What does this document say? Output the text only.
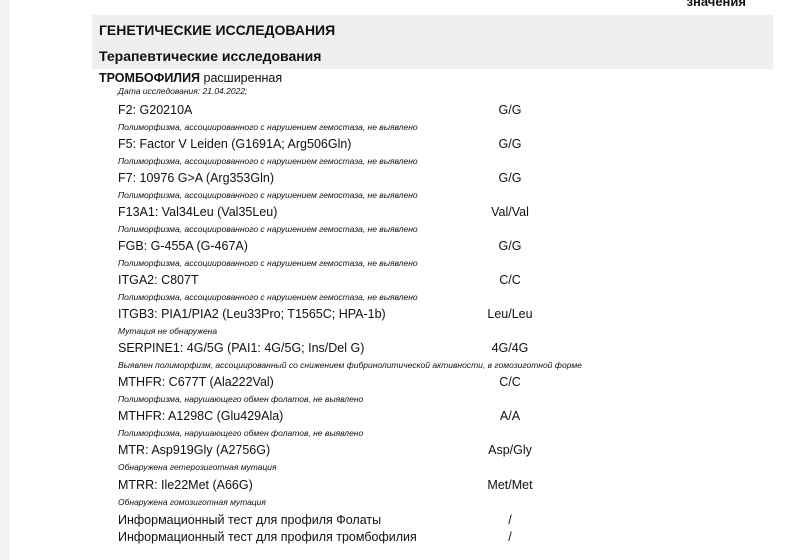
значения
ГЕНЕТИЧЕСКИЕ ИССЛЕДОВАНИЯ
Терапевтические исследования
ТРОМБОФИЛИЯ расширенная
Дата исследования: 21.04.2022;
F2: G20210A	G/G
Полиморфизма, ассоциированного с нарушением гемостаза, не выявлено
F5: Factor V Leiden (G1691A; Arg506Gln)	G/G
Полиморфизма, ассоциированного с нарушением гемостаза, не выявлено
F7: 10976 G>A (Arg353Gln)	G/G
Полиморфизма, ассоциированного с нарушением гемостаза, не выявлено
F13A1: Val34Leu (Val35Leu)	Val/Val
Полиморфизма, ассоциированного с нарушением гемостаза, не выявлено
FGB: G-455A (G-467A)	G/G
Полиморфизма, ассоциированного с нарушением гемостаза, не выявлено
ITGA2: C807T	C/C
Полиморфизма, ассоциированного с нарушением гемостаза, не выявлено
ITGB3: PIA1/PIA2 (Leu33Pro; T1565C; HPA-1b)	Leu/Leu
Мутация не обнаружена
SERPINE1: 4G/5G (PAI1: 4G/5G; Ins/Del G)	4G/4G
Выявлен полиморфизм, ассоциированный со снижением фибринолитической активности, в гомозиготной форме
MTHFR: C677T (Ala222Val)	C/C
Полиморфизма, нарушающего обмен фолатов, не выявлено
MTHFR: A1298C (Glu429Ala)	A/A
Полиморфизма, нарушающего обмен фолатов, не выявлено
MTR: Asp919Gly (A2756G)	Asp/Gly
Обнаружена гетерозиготная мутация
MTRR: Ile22Met (A66G)	Met/Met
Обнаружена гомозиготная мутация
Информационный тест для профиля Фолаты	/
Информационный тест для профиля тромбофилия	/
